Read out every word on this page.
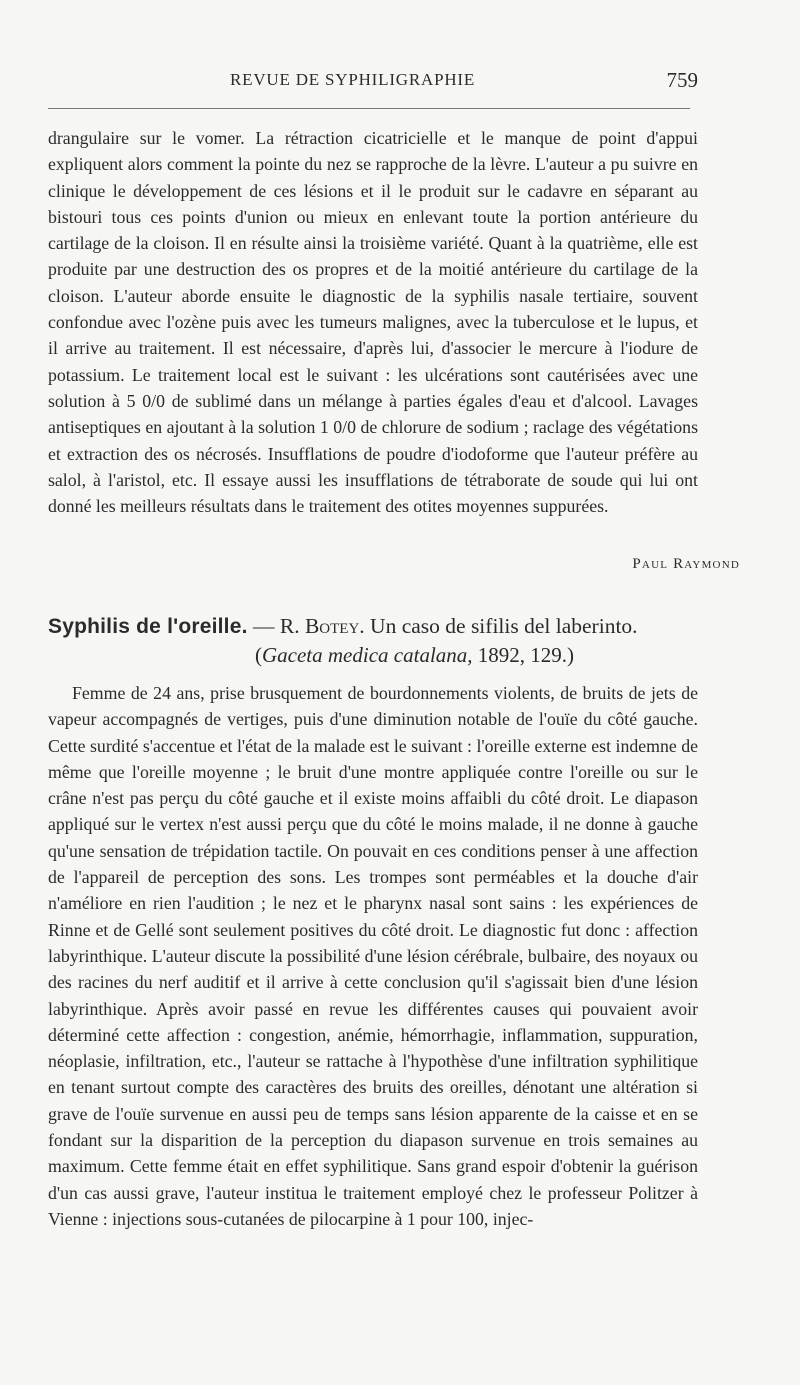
REVUE DE SYPHILIGRAPHIE	759

drangulaire sur le vomer. La rétraction cicatricielle et le manque de point d'appui expliquent alors comment la pointe du nez se rapproche de la lèvre. L'auteur a pu suivre en clinique le développement de ces lésions et il le produit sur le cadavre en séparant au bistouri tous ces points d'union ou mieux en enlevant toute la portion antérieure du cartilage de la cloison. Il en résulte ainsi la troisième variété. Quant à la quatrième, elle est produite par une destruction des os propres et de la moitié antérieure du cartilage de la cloison. L'auteur aborde ensuite le diagnostic de la syphilis nasale tertiaire, souvent confondue avec l'ozène puis avec les tumeurs malignes, avec la tuberculose et le lupus, et il arrive au traitement. Il est nécessaire, d'après lui, d'associer le mercure à l'iodure de potassium. Le traitement local est le suivant : les ulcérations sont cautérisées avec une solution à 5 0/0 de sublimé dans un mélange à parties égales d'eau et d'alcool. Lavages antiseptiques en ajoutant à la solution 1 0/0 de chlorure de sodium ; raclage des végétations et extraction des os nécrosés. Insufflations de poudre d'iodoforme que l'auteur préfère au salol, à l'aristol, etc. Il essaye aussi les insufflations de tétraborate de soude qui lui ont donné les meilleurs résultats dans le traitement des otites moyennes suppurées.

Paul Raymond
Syphilis de l'oreille. — R. Botey. Un caso de sifilis del laberinto.
(Gaceta medica catalana, 1892, 129.)

Femme de 24 ans, prise brusquement de bourdonnements violents, de bruits de jets de vapeur accompagnés de vertiges, puis d'une diminution notable de l'ouïe du côté gauche. Cette surdité s'accentue et l'état de la malade est le suivant : l'oreille externe est indemne de même que l'oreille moyenne ; le bruit d'une montre appliquée contre l'oreille ou sur le crâne n'est pas perçu du côté gauche et il existe moins affaibli du côté droit. Le diapason appliqué sur le vertex n'est aussi perçu que du côté le moins malade, il ne donne à gauche qu'une sensation de trépidation tactile. On pouvait en ces conditions penser à une affection de l'appareil de perception des sons. Les trompes sont perméables et la douche d'air n'améliore en rien l'audition ; le nez et le pharynx nasal sont sains : les expériences de Rinne et de Gellé sont seulement positives du côté droit. Le diagnostic fut donc : affection labyrinthique. L'auteur discute la possibilité d'une lésion cérébrale, bulbaire, des noyaux ou des racines du nerf auditif et il arrive à cette conclusion qu'il s'agissait bien d'une lésion labyrinthique. Après avoir passé en revue les différentes causes qui pouvaient avoir déterminé cette affection : congestion, anémie, hémorrhagie, inflammation, suppuration, néoplasie, infiltration, etc., l'auteur se rattache à l'hypothèse d'une infiltration syphilitique en tenant surtout compte des caractères des bruits des oreilles, dénotant une altération si grave de l'ouïe survenue en aussi peu de temps sans lésion apparente de la caisse et en se fondant sur la disparition de la perception du diapason survenue en trois semaines au maximum. Cette femme était en effet syphilitique. Sans grand espoir d'obtenir la guérison d'un cas aussi grave, l'auteur institua le traitement employé chez le professeur Politzer à Vienne : injections sous-cutanées de pilocarpine à 1 pour 100, injec-
